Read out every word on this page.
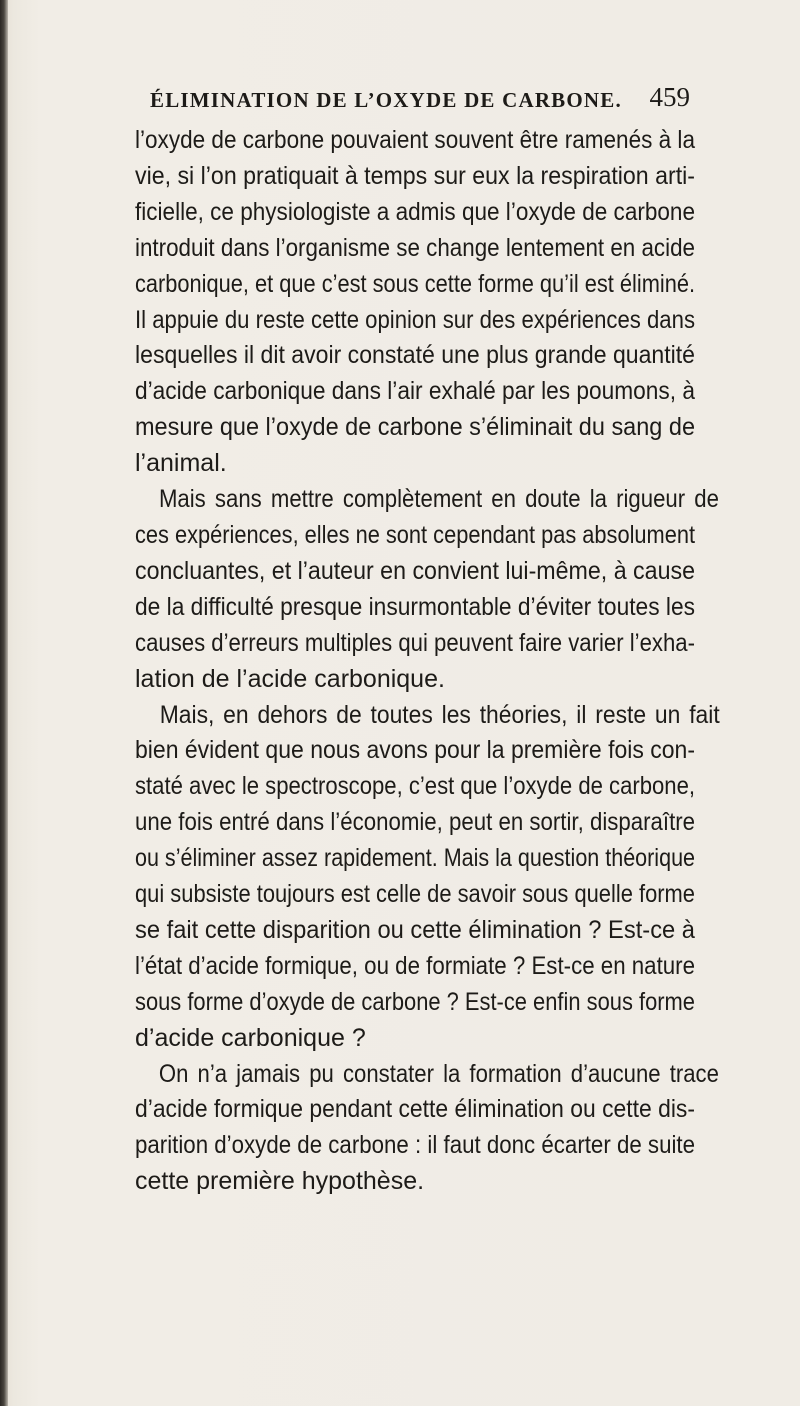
ÉLIMINATION DE L’OXYDE DE CARBONE. 459
l’oxyde de carbone pouvaient souvent être ramenés à la
vie, si l’on pratiquait à temps sur eux la respiration arti-
ficielle, ce physiologiste a admis que l’oxyde de carbone
introduit dans l’organisme se change lentement en acide
carbonique, et que c’est sous cette forme qu’il est éliminé.
Il appuie du reste cette opinion sur des expériences dans
lesquelles il dit avoir constaté une plus grande quantité
d’acide carbonique dans l’air exhalé par les poumons, à
mesure que l’oxyde de carbone s’éliminait du sang de
l’animal.
Mais sans mettre complètement en doute la rigueur de
ces expériences, elles ne sont cependant pas absolument
concluantes, et l’auteur en convient lui-même, à cause
de la difficulté presque insurmontable d’éviter toutes les
causes d’erreurs multiples qui peuvent faire varier l’exha-
lation de l’acide carbonique.
Mais, en dehors de toutes les théories, il reste un fait
bien évident que nous avons pour la première fois con-
staté avec le spectroscope, c’est que l’oxyde de carbone,
une fois entré dans l’économie, peut en sortir, disparaître
ou s’éliminer assez rapidement. Mais la question théorique
qui subsiste toujours est celle de savoir sous quelle forme
se fait cette disparition ou cette élimination ? Est-ce à
l’état d’acide formique, ou de formiate ? Est-ce en nature
sous forme d’oxyde de carbone ? Est-ce enfin sous forme
d’acide carbonique ?
On n’a jamais pu constater la formation d’aucune trace
d’acide formique pendant cette élimination ou cette dis-
parition d’oxyde de carbone : il faut donc écarter de suite
cette première hypothèse.
